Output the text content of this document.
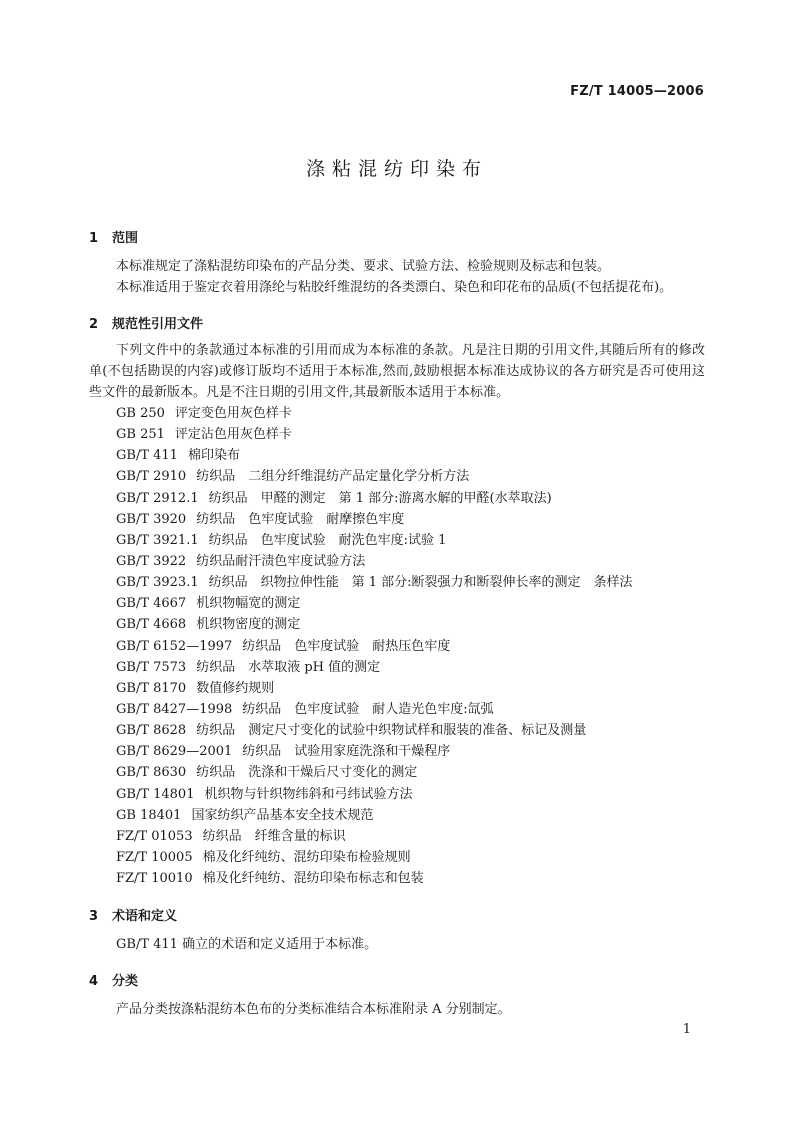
FZ/T 14005—2006
涤粘混纺印染布
1 范围
本标准规定了涤粘混纺印染布的产品分类、要求、试验方法、检验规则及标志和包装。
本标准适用于鉴定衣着用涤纶与粘胶纤维混纺的各类漂白、染色和印花布的品质(不包括提花布)。
2 规范性引用文件
下列文件中的条款通过本标准的引用而成为本标准的条款。凡是注日期的引用文件,其随后所有的修改单(不包括勘误的内容)或修订版均不适用于本标准,然而,鼓励根据本标准达成协议的各方研究是否可使用这些文件的最新版本。凡是不注日期的引用文件,其最新版本适用于本标准。
GB 250 评定变色用灰色样卡
GB 251 评定沾色用灰色样卡
GB/T 411 棉印染布
GB/T 2910 纺织品　二组分纤维混纺产品定量化学分析方法
GB/T 2912.1 纺织品　甲醛的测定　第 1 部分:游离水解的甲醛(水萃取法)
GB/T 3920 纺织品　色牢度试验　耐摩擦色牢度
GB/T 3921.1 纺织品　色牢度试验　耐洗色牢度:试验 1
GB/T 3922 纺织品耐汗渍色牢度试验方法
GB/T 3923.1 纺织品　织物拉伸性能　第 1 部分:断裂强力和断裂伸长率的测定　条样法
GB/T 4667 机织物幅宽的测定
GB/T 4668 机织物密度的测定
GB/T 6152—1997 纺织品　色牢度试验　耐热压色牢度
GB/T 7573 纺织品　水萃取液 pH 值的测定
GB/T 8170 数值修约规则
GB/T 8427—1998 纺织品　色牢度试验　耐人造光色牢度:氙弧
GB/T 8628 纺织品　测定尺寸变化的试验中织物试样和服装的准备、标记及测量
GB/T 8629—2001 纺织品　试验用家庭洗涤和干燥程序
GB/T 8630 纺织品　洗涤和干燥后尺寸变化的测定
GB/T 14801 机织物与针织物纬斜和弓纬试验方法
GB 18401 国家纺织产品基本安全技术规范
FZ/T 01053 纺织品　纤维含量的标识
FZ/T 10005 棉及化纤纯纺、混纺印染布检验规则
FZ/T 10010 棉及化纤纯纺、混纺印染布标志和包装
3 术语和定义
GB/T 411 确立的术语和定义适用于本标准。
4 分类
产品分类按涤粘混纺本色布的分类标准结合本标准附录 A 分别制定。
1
